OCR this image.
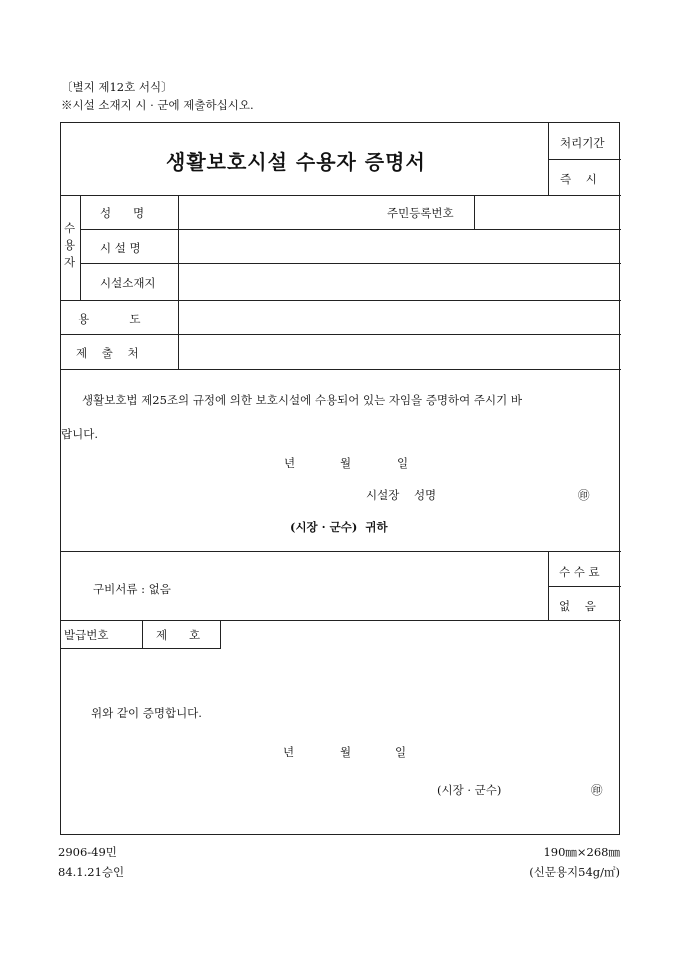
〔별지 제12호 서식〕
※시설 소재지 시 · 군에 제출하십시오.
생활보호시설 수용자 증명서
처리기간
즉    시
수
용
자
성      명	주민등록번호
시 설 명
시설소재지
용           도
제    출    처
생활보호법 제25조의 규정에 의한 보호시설에 수용되어 있는 자임을 증명하여 주시기 바
랍니다.
년	월	일
시설장    성명	㊞
(시장 · 군수)  귀하
구비서류 : 없음
수 수 료
없    음
발급번호	제      호
위와 같이 증명합니다.
년	월	일
(시장 · 군수)	㊞
2906-49민
84.1.21승인
190㎜×268㎜
(신문용지54g/㎡)
